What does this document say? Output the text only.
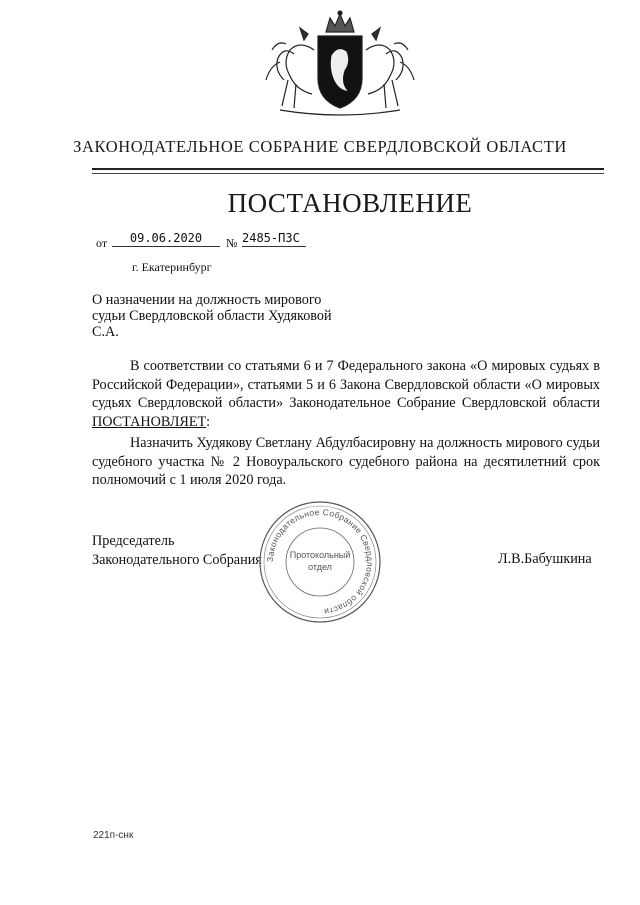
ЗАКОНОДАТЕЛЬНОЕ СОБРАНИЕ СВЕРДЛОВСКОЙ ОБЛАСТИ
ПОСТАНОВЛЕНИЕ
от	09.06.2020	№ 2485-ПЗС
г. Екатеринбург
О назначении на должность мирового судьи Свердловской области Худяковой С.А.
В соответствии со статьями 6 и 7 Федерального закона «О мировых судьях в Российской Федерации», статьями 5 и 6 Закона Свердловской области «О мировых судьях Свердловской области» Законодательное Собрание Свердловской области ПОСТАНОВЛЯЕТ:
Назначить Худякову Светлану Абдулбасировну на должность мирового судьи судебного участка № 2 Новоуральского судебного района на десятилетний срок полномочий с 1 июля 2020 года.
Председатель
Законодательного Собрания Законодательное Собрание Свердловской области
Протокольный
отдел	Л.В.Бабушкина
221п-снк
